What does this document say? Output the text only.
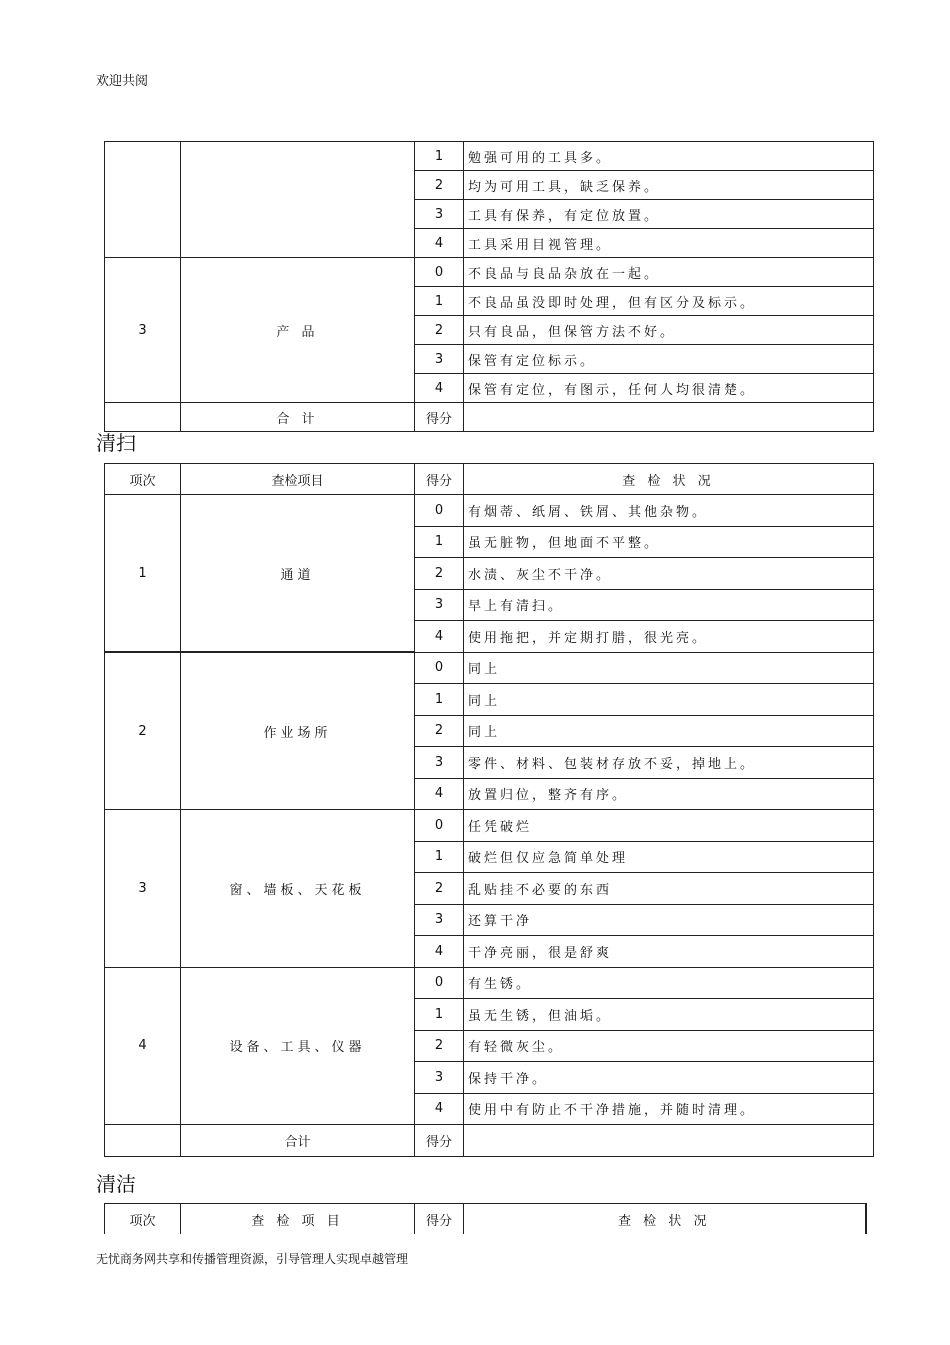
欢迎共阅
		1	勉强可用的工具多。
		2	均为可用工具，缺乏保养。
		3	工具有保养，有定位放置。
		4	工具采用目视管理。
3	产 品	0	不良品与良品杂放在一起。
		1	不良品虽没即时处理，但有区分及标示。
		2	只有良品，但保管方法不好。
		3	保管有定位标示。
		4	保管有定位，有图示，任何人均很清楚。
	合 计	得分	
清扫
项次	查检项目	得分	查 检 状 况
1	通道	0	有烟蒂、纸屑、铁屑、其他杂物。
		1	虽无脏物，但地面不平整。
		2	水渍、灰尘不干净。
		3	早上有清扫。
		4	使用拖把，并定期打腊，很光亮。
2	作业场所	0	同上
		1	同上
		2	同上
		3	零件、材料、包装材存放不妥，掉地上。
		4	放置归位，整齐有序。
3	窗、墙板、天花板	0	任凭破烂
		1	破烂但仅应急简单处理
		2	乱贴挂不必要的东西
		3	还算干净
		4	干净亮丽，很是舒爽
4	设备、工具、仪器	0	有生锈。
		1	虽无生锈，但油垢。
		2	有轻微灰尘。
		3	保持干净。
		4	使用中有防止不干净措施，并随时清理。
	合计	得分	
清洁
项次	查 检 项 目	得分	查 检 状 况
无忧商务网共享和传播管理资源，引导管理人实现卓越管理
